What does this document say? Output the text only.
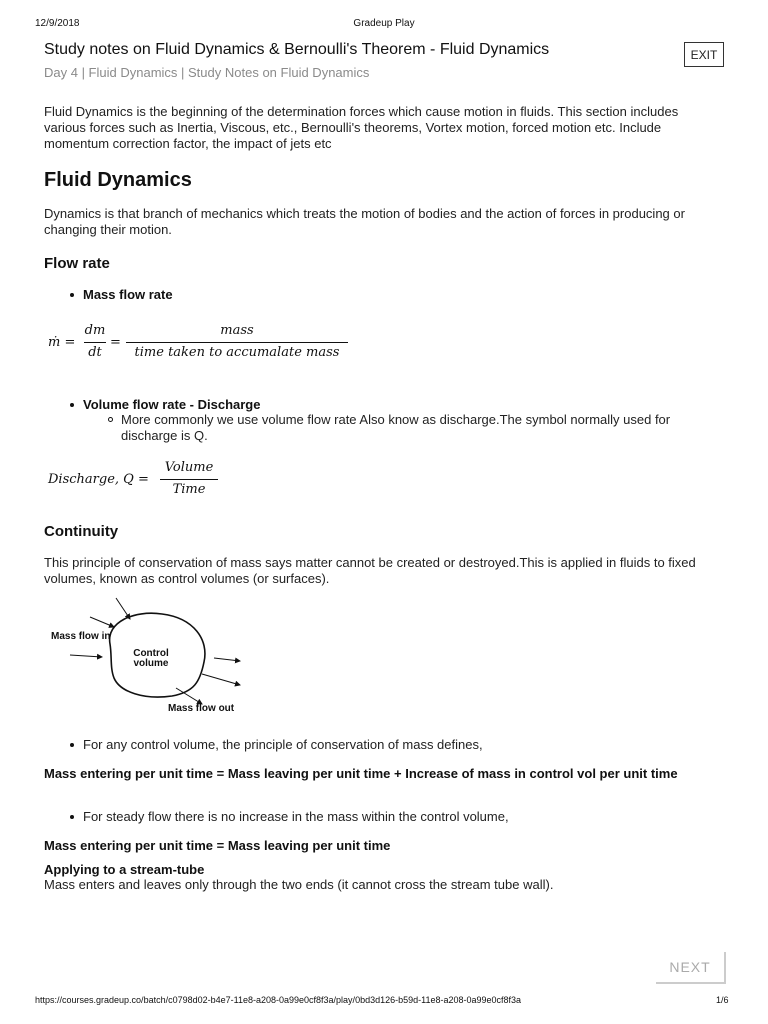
12/9/2018	Gradeup Play
Study notes on Fluid Dynamics & Bernoulli's Theorem - Fluid Dynamics
Day 4 | Fluid Dynamics | Study Notes on Fluid Dynamics
EXIT
Fluid Dynamics is the beginning of the determination forces which cause motion in fluids. This section includes various forces such as Inertia, Viscous, etc., Bernoulli's theorems, Vortex motion, forced motion etc. Include momentum correction factor, the impact of jets etc
Fluid Dynamics
Dynamics is that branch of mechanics which treats the motion of bodies and the action of forces in producing or changing their motion.
Flow rate
Mass flow rate
ṁ =
dm
dt
=
mass
time taken to accumalate mass
Volume flow rate - Discharge
More commonly we use volume flow rate Also know as discharge.The symbol normally used for discharge is Q.
Discharge, Q =
Volume
Time
Continuity
This principle of conservation of mass says matter cannot be created or destroyed.This is applied in fluids to fixed volumes, known as control volumes (or surfaces).
Mass flow in
Control
volume
Mass flow out
For any control volume, the principle of conservation of mass defines,
Mass entering per unit time = Mass leaving per unit time + Increase of mass in control vol per unit time
For steady flow there is no increase in the mass within the control volume,
Mass entering per unit time = Mass leaving per unit time
Applying to a stream-tube
Mass enters and leaves only through the two ends (it cannot cross the stream tube wall).
NEXT
https://courses.gradeup.co/batch/c0798d02-b4e7-11e8-a208-0a99e0cf8f3a/play/0bd3d126-b59d-11e8-a208-0a99e0cf8f3a	1/6
